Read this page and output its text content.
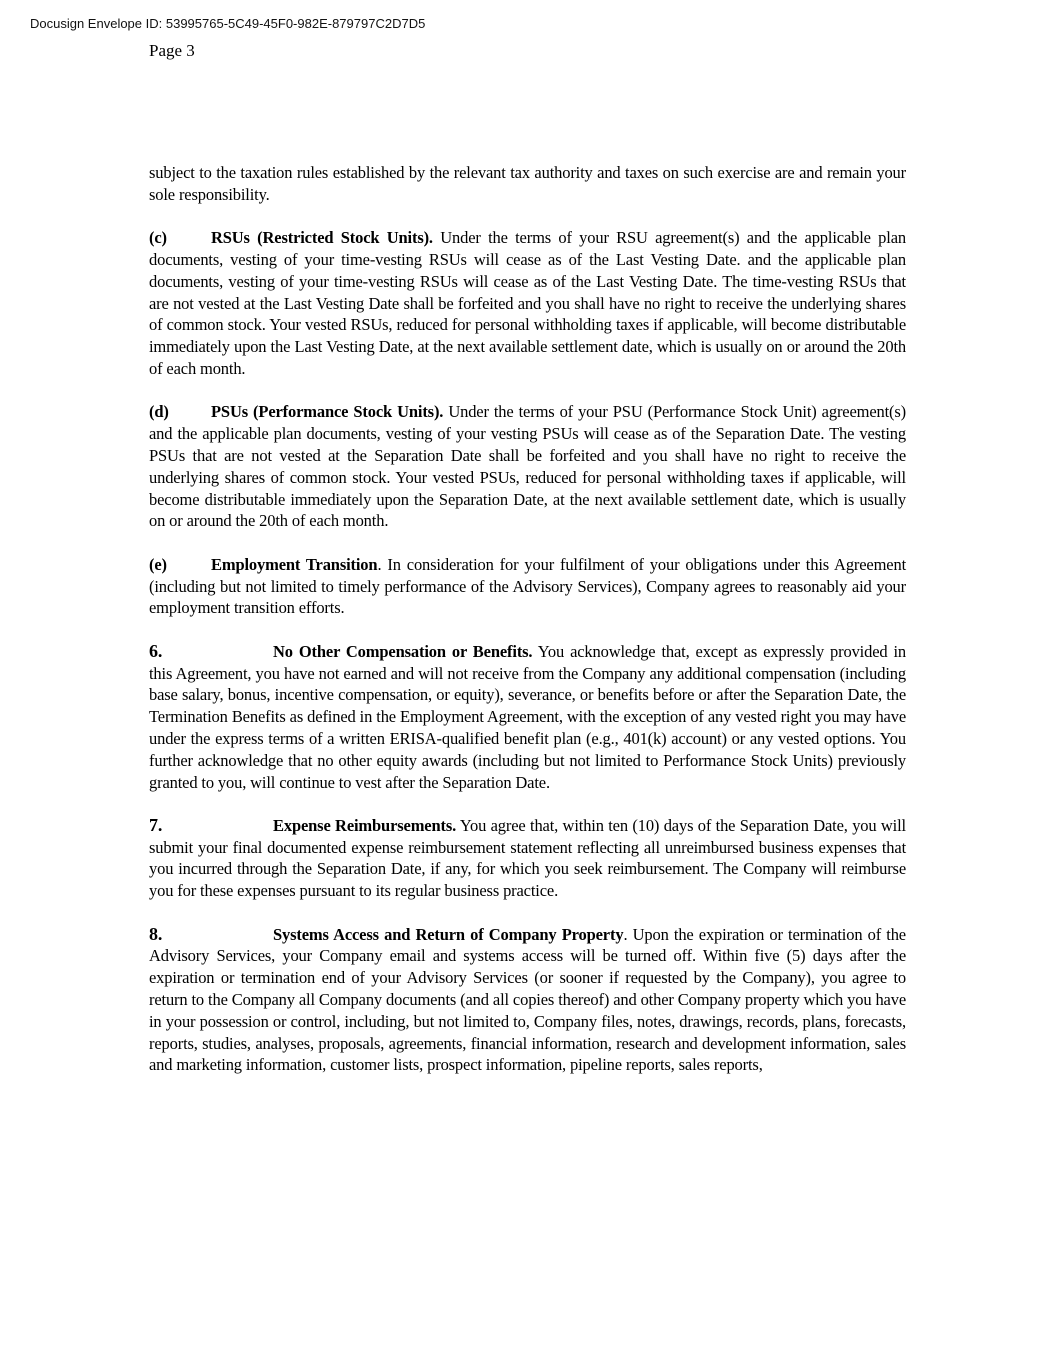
Docusign Envelope ID: 53995765-5C49-45F0-982E-879797C2D7D5
Page 3

subject to the taxation rules established by the relevant tax authority and taxes on such exercise are and remain your sole responsibility.

(c)	RSUs (Restricted Stock Units). Under the terms of your RSU agreement(s) and the applicable plan documents, vesting of your time-vesting RSUs will cease as of the Last Vesting Date. and the applicable plan documents, vesting of your time-vesting RSUs will cease as of the Last Vesting Date. The time-vesting RSUs that are not vested at the Last Vesting Date shall be forfeited and you shall have no right to receive the underlying shares of common stock. Your vested RSUs, reduced for personal withholding taxes if applicable, will become distributable immediately upon the Last Vesting Date, at the next available settlement date, which is usually on or around the 20th of each month.

(d)	PSUs (Performance Stock Units). Under the terms of your PSU (Performance Stock Unit) agreement(s) and the applicable plan documents, vesting of your vesting PSUs will cease as of the Separation Date. The vesting PSUs that are not vested at the Separation Date shall be forfeited and you shall have no right to receive the underlying shares of common stock. Your vested PSUs, reduced for personal withholding taxes if applicable, will become distributable immediately upon the Separation Date, at the next available settlement date, which is usually on or around the 20th of each month.

(e)	Employment Transition. In consideration for your fulfilment of your obligations under this Agreement (including but not limited to timely performance of the Advisory Services), Company agrees to reasonably aid your employment transition efforts.

6.	No Other Compensation or Benefits. You acknowledge that, except as expressly provided in this Agreement, you have not earned and will not receive from the Company any additional compensation (including base salary, bonus, incentive compensation, or equity), severance, or benefits before or after the Separation Date, the Termination Benefits as defined in the Employment Agreement, with the exception of any vested right you may have under the express terms of a written ERISA-qualified benefit plan (e.g., 401(k) account) or any vested options. You further acknowledge that no other equity awards (including but not limited to Performance Stock Units) previously granted to you, will continue to vest after the Separation Date.

7.	Expense Reimbursements. You agree that, within ten (10) days of the Separation Date, you will submit your final documented expense reimbursement statement reflecting all unreimbursed business expenses that you incurred through the Separation Date, if any, for which you seek reimbursement. The Company will reimburse you for these expenses pursuant to its regular business practice.

8.	Systems Access and Return of Company Property. Upon the expiration or termination of the Advisory Services, your Company email and systems access will be turned off. Within five (5) days after the expiration or termination end of your Advisory Services (or sooner if requested by the Company), you agree to return to the Company all Company documents (and all copies thereof) and other Company property which you have in your possession or control, including, but not limited to, Company files, notes, drawings, records, plans, forecasts, reports, studies, analyses, proposals, agreements, financial information, research and development information, sales and marketing information, customer lists, prospect information, pipeline reports, sales reports,
